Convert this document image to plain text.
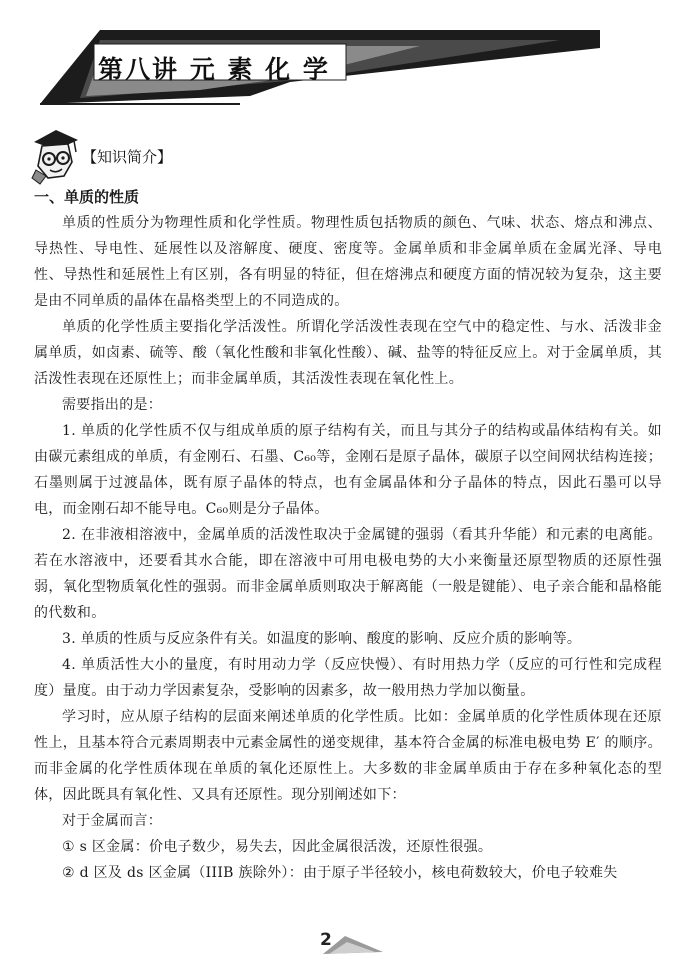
第八讲 元 素 化 学
【知识简介】

一、单质的性质

单质的性质分为物理性质和化学性质。物理性质包括物质的颜色、气味、状态、熔点和沸点、导热性、导电性、延展性以及溶解度、硬度、密度等。金属单质和非金属单质在金属光泽、导电性、导热性和延展性上有区别，各有明显的特征，但在熔沸点和硬度方面的情况较为复杂，这主要是由不同单质的晶体在晶格类型上的不同造成的。

单质的化学性质主要指化学活泼性。所谓化学活泼性表现在空气中的稳定性、与水、活泼非金属单质，如卤素、硫等、酸（氧化性酸和非氧化性酸）、碱、盐等的特征反应上。对于金属单质，其活泼性表现在还原性上；而非金属单质，其活泼性表现在氧化性上。

需要指出的是：

1. 单质的化学性质不仅与组成单质的原子结构有关，而且与其分子的结构或晶体结构有关。如由碳元素组成的单质，有金刚石、石墨、C₆₀等，金刚石是原子晶体，碳原子以空间网状结构连接；石墨则属于过渡晶体，既有原子晶体的特点，也有金属晶体和分子晶体的特点，因此石墨可以导电，而金刚石却不能导电。C₆₀则是分子晶体。

2. 在非液相溶液中，金属单质的活泼性取决于金属键的强弱（看其升华能）和元素的电离能。若在水溶液中，还要看其水合能，即在溶液中可用电极电势的大小来衡量还原型物质的还原性强弱，氧化型物质氧化性的强弱。而非金属单质则取决于解离能（一般是键能）、电子亲合能和晶格能的代数和。

3. 单质的性质与反应条件有关。如温度的影响、酸度的影响、反应介质的影响等。

4. 单质活性大小的量度，有时用动力学（反应快慢）、有时用热力学（反应的可行性和完成程度）量度。由于动力学因素复杂，受影响的因素多，故一般用热力学加以衡量。

学习时，应从原子结构的层面来阐述单质的化学性质。比如：金属单质的化学性质体现在还原性上，且基本符合元素周期表中元素金属性的递变规律，基本符合金属的标准电极电势 E′ 的顺序。而非金属的化学性质体现在单质的氧化还原性上。大多数的非金属单质由于存在多种氧化态的型体，因此既具有氧化性、又具有还原性。现分别阐述如下：

对于金属而言：

① s 区金属：价电子数少，易失去，因此金属很活泼，还原性很强。

② d 区及 ds 区金属（IIIB 族除外）：由于原子半径较小，核电荷数较大，价电子较难失

2
